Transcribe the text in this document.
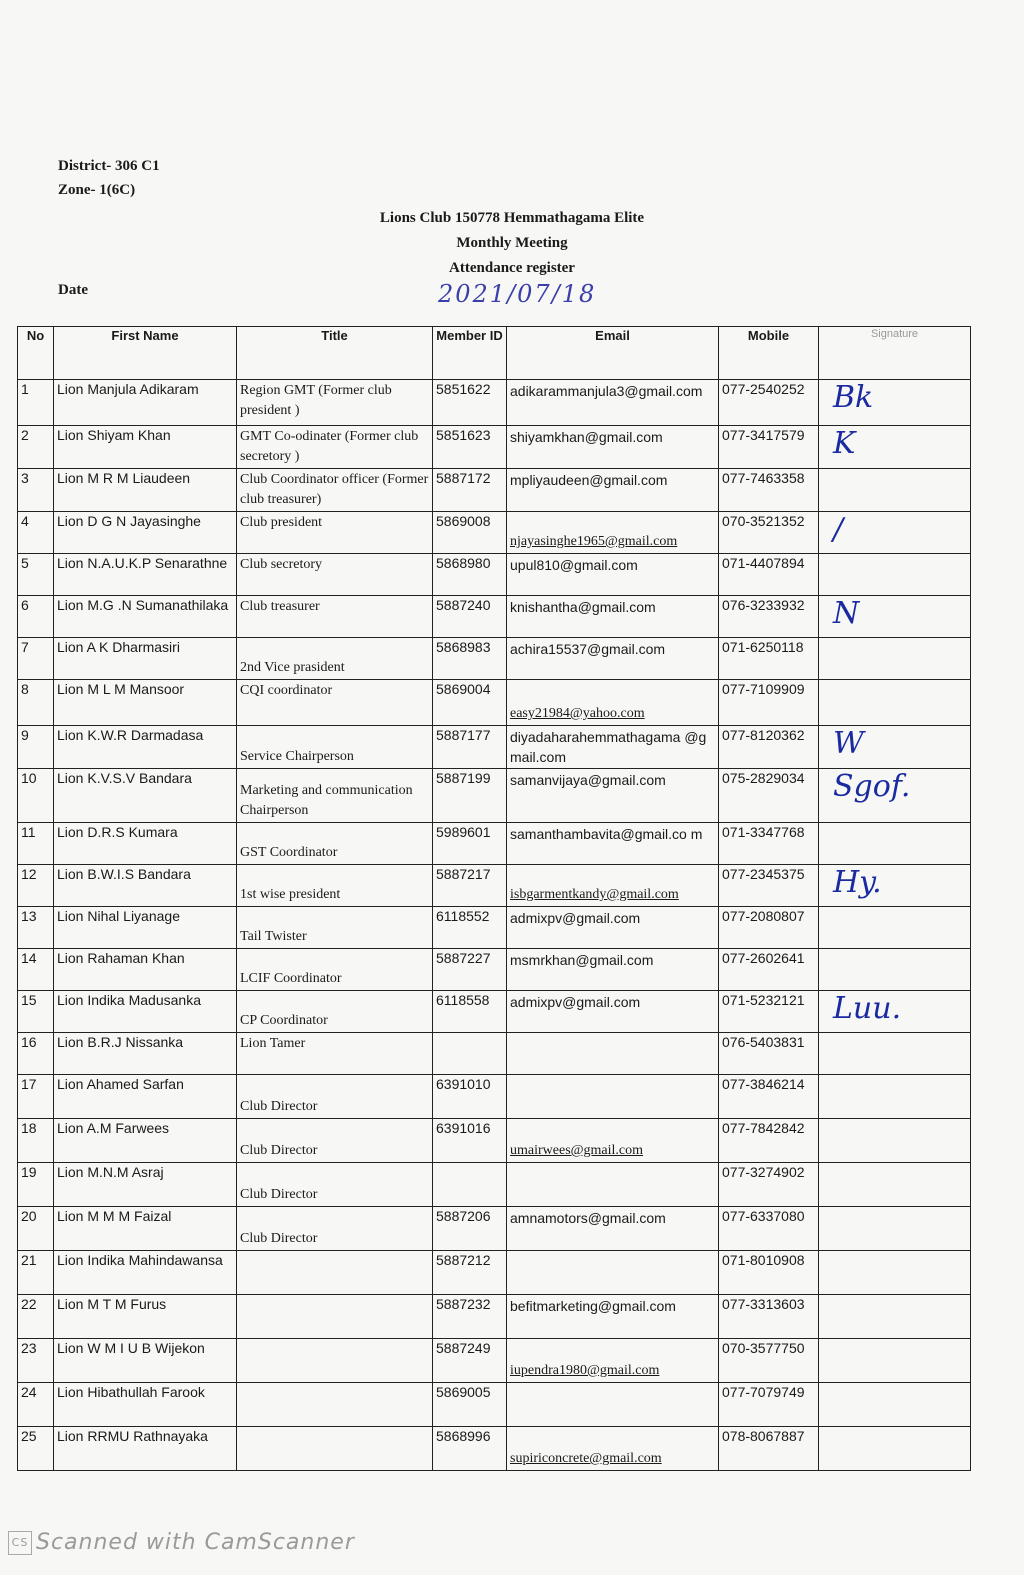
District- 306 C1
Zone- 1(6C)
Lions Club 150778 Hemmathagama Elite
Monthly Meeting
Attendance register
Date	2021/07/18
No	First Name	Title	Member ID	Email	Mobile	Signature
1	Lion Manjula Adikaram	Region GMT (Former club president )	5851622	adikarammanjula3@gmail.com	077-2540252	Bk

2	Lion Shiyam Khan	GMT Co-odinater (Former club secretory )	5851623	shiyamkhan@gmail.com	077-3417579	K

3	Lion M R M Liaudeen	Club Coordinator officer (Former club treasurer)	5887172	mpliyaudeen@gmail.com	077-7463358	

4	Lion D G N Jayasinghe	Club president	5869008	njayasinghe1965@gmail.com	070-3521352	/

5	Lion N.A.U.K.P Senarathne	Club secretory	5868980	upul810@gmail.com	071-4407894	

6	Lion M.G .N Sumanathilaka	Club treasurer	5887240	knishantha@gmail.com	076-3233932	N

7	Lion A K Dharmasiri	2nd Vice prasident	5868983	achira15537@gmail.com	071-6250118	

8	Lion M L M Mansoor	CQI coordinator	5869004	easy21984@yahoo.com	077-7109909	

9	Lion K.W.R Darmadasa	Service Chairperson	5887177	diyadaharahemmathagama @gmail.com	077-8120362	W

10	Lion K.V.S.V Bandara	Marketing and communication Chairperson	5887199	samanvijaya@gmail.com	075-2829034	Sgof.

11	Lion D.R.S Kumara	GST Coordinator	5989601	samanthambavita@gmail.co m	071-3347768	

12	Lion B.W.I.S Bandara	1st wise president	5887217	isbgarmentkandy@gmail.com	077-2345375	Hy.

13	Lion Nihal Liyanage	Tail Twister	6118552	admixpv@gmail.com	077-2080807	

14	Lion Rahaman Khan	LCIF Coordinator	5887227	msmrkhan@gmail.com	077-2602641	

15	Lion Indika Madusanka	CP Coordinator	6118558	admixpv@gmail.com	071-5232121	Luu.

16	Lion B.R.J Nissanka	Lion Tamer			076-5403831	

17	Lion Ahamed Sarfan	Club Director	6391010		077-3846214	

18	Lion A.M Farwees	Club Director	6391016	umairwees@gmail.com	077-7842842	

19	Lion M.N.M Asraj	Club Director			077-3274902	

20	Lion M M M Faizal	Club Director	5887206	amnamotors@gmail.com	077-6337080	

21	Lion Indika Mahindawansa		5887212		071-8010908	

22	Lion M T M Furus		5887232	befitmarketing@gmail.com	077-3313603	

23	Lion W M I U B Wijekon		5887249	iupendra1980@gmail.com	070-3577750	

24	Lion Hibathullah Farook		5869005		077-7079749	

25	Lion RRMU Rathnayaka		5868996	supiriconcrete@gmail.com	078-8067887	
CS Scanned with CamScanner
